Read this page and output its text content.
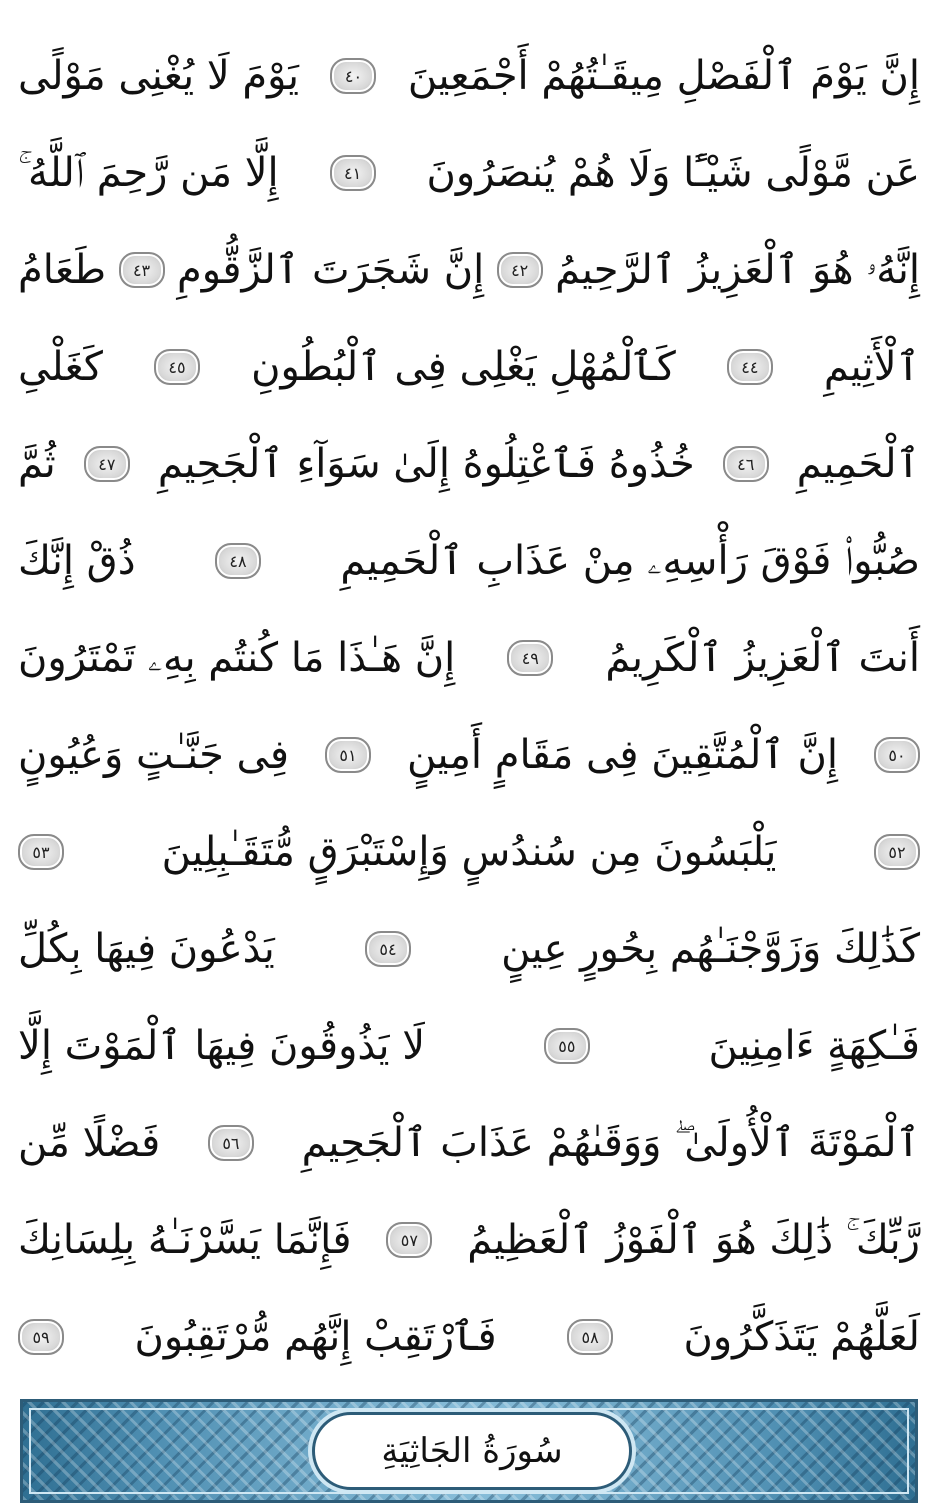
إِنَّ يَوْمَ ٱلْفَصْلِ مِيقَـٰتُهُمْ أَجْمَعِينَ
٤٠
يَوْمَ لَا يُغْنِى مَوْلًى
عَن مَّوْلًى شَيْـًٔا وَلَا هُمْ يُنصَرُونَ
٤١
إِلَّا مَن رَّحِمَ ٱللَّهُ ۚ
إِنَّهُۥ هُوَ ٱلْعَزِيزُ ٱلرَّحِيمُ
٤٢
إِنَّ شَجَرَتَ ٱلزَّقُّومِ
٤٣
طَعَامُ
ٱلْأَثِيمِ
٤٤
كَٱلْمُهْلِ يَغْلِى فِى ٱلْبُطُونِ
٤٥
كَغَلْىِ
ٱلْحَمِيمِ
٤٦
خُذُوهُ فَٱعْتِلُوهُ إِلَىٰ سَوَآءِ ٱلْجَحِيمِ
٤٧
ثُمَّ
صُبُّوا۟ فَوْقَ رَأْسِهِۦ مِنْ عَذَابِ ٱلْحَمِيمِ
٤٨
ذُقْ إِنَّكَ
أَنتَ ٱلْعَزِيزُ ٱلْكَرِيمُ
٤٩
إِنَّ هَـٰذَا مَا كُنتُم بِهِۦ تَمْتَرُونَ
٥٠
إِنَّ ٱلْمُتَّقِينَ فِى مَقَامٍ أَمِينٍ
٥١
فِى جَنَّـٰتٍ وَعُيُونٍ
٥٢
يَلْبَسُونَ مِن سُندُسٍ وَإِسْتَبْرَقٍ مُّتَقَـٰبِلِينَ
٥٣
كَذَٰلِكَ وَزَوَّجْنَـٰهُم بِحُورٍ عِينٍ
٥٤
يَدْعُونَ فِيهَا بِكُلِّ
فَـٰكِهَةٍ ءَامِنِينَ
٥٥
لَا يَذُوقُونَ فِيهَا ٱلْمَوْتَ إِلَّا
ٱلْمَوْتَةَ ٱلْأُولَىٰ ۖ وَوَقَىٰهُمْ عَذَابَ ٱلْجَحِيمِ
٥٦
فَضْلًا مِّن
رَّبِّكَ ۚ ذَٰلِكَ هُوَ ٱلْفَوْزُ ٱلْعَظِيمُ
٥٧
فَإِنَّمَا يَسَّرْنَـٰهُ بِلِسَانِكَ
لَعَلَّهُمْ يَتَذَكَّرُونَ
٥٨
فَٱرْتَقِبْ إِنَّهُم مُّرْتَقِبُونَ
٥٩
سُورَةُ الجَاثِيَةِ
